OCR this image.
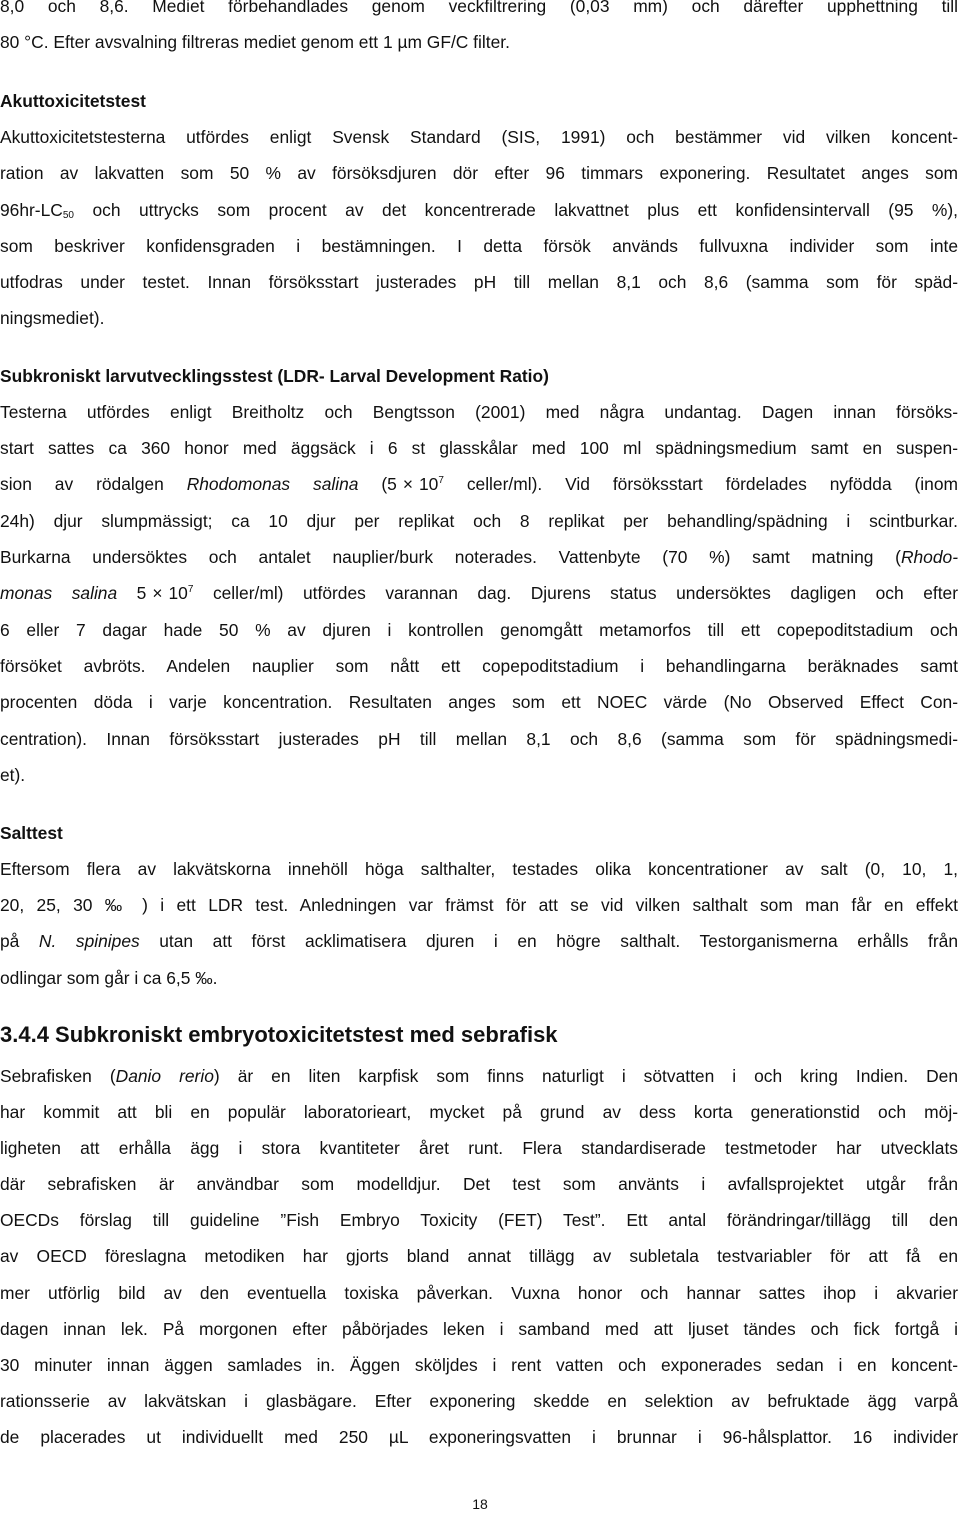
8,0 och 8,6. Mediet förbehandlades genom veckfiltrering (0,03 mm) och därefter upphettning till
80 °C. Efter avsvalning filtreras mediet genom ett 1 µm GF/C filter.
Akuttoxicitetstest
Akuttoxicitetstesterna utfördes enligt Svensk Standard (SIS, 1991) och bestämmer vid vilken koncent-
ration av lakvatten som 50 % av försöksdjuren dör efter 96 timmars exponering. Resultatet anges som
$96hr-LC_{50}$ och uttrycks som procent av det koncentrerade lakvattnet plus ett konfidensintervall (95 %),
som beskriver konfidensgraden i bestämningen. I detta försök används fullvuxna individer som inte
utfodras under testet. Innan försöksstart justerades pH till mellan 8,1 och 8,6 (samma som för späd-
ningsmediet).
Subkroniskt larvutvecklingsstest (LDR- Larval Development Ratio)
Testerna utfördes enligt Breitholtz och Bengtsson (2001) med några undantag. Dagen innan försöks-
start sattes ca 360 honor med äggsäck i 6 st glasskålar med 100 ml spädningsmedium samt en suspen-
sion av rödalgen Rhodomonas salina ($5 \times 10^7$ celler/ml). Vid försöksstart fördelades nyfödda (inom
24h) djur slumpmässigt; ca 10 djur per replikat och 8 replikat per behandling/spädning i scintburkar.
Burkarna undersöktes och antalet nauplier/burk noterades. Vattenbyte (70 %) samt matning (Rhodo-
monas salina $5 \times 10^7$ celler/ml) utfördes varannan dag. Djurens status undersöktes dagligen och efter
6 eller 7 dagar hade 50 % av djuren i kontrollen genomgått metamorfos till ett copepoditstadium och
försöket avbröts. Andelen nauplier som nått ett copepoditstadium i behandlingarna beräknades samt
procenten döda i varje koncentration. Resultaten anges som ett NOEC värde (No Observed Effect Con-
centration). Innan försöksstart justerades pH till mellan 8,1 och 8,6 (samma som för spädningsmedi-
et).
Salttest
Eftersom flera av lakvätskorna innehöll höga salthalter, testades olika koncentrationer av salt (0, 10, 1,
20, 25, 30 ‰ ) i ett LDR test. Anledningen var främst för att se vid vilken salthalt som man får en effekt
på N. spinipes utan att först acklimatisera djuren i en högre salthalt. Testorganismerna erhålls från
odlingar som går i ca 6,5 ‰.
3.4.4 Subkroniskt embryotoxicitetstest med sebrafisk
Sebrafisken (Danio rerio) är en liten karpfisk som finns naturligt i sötvatten i och kring Indien. Den
har kommit att bli en populär laboratorieart, mycket på grund av dess korta generationstid och möj-
ligheten att erhålla ägg i stora kvantiteter året runt. Flera standardiserade testmetoder har utvecklats
där sebrafisken är användbar som modelldjur. Det test som använts i avfallsprojektet utgår från
OECDs förslag till guideline ”Fish Embryo Toxicity (FET) Test”. Ett antal förändringar/tillägg till den
av OECD föreslagna metodiken har gjorts bland annat tillägg av subletala testvariabler för att få en
mer utförlig bild av den eventuella toxiska påverkan. Vuxna honor och hannar sattes ihop i akvarier
dagen innan lek. På morgonen efter påbörjades leken i samband med att ljuset tändes och fick fortgå i
30 minuter innan äggen samlades in. Äggen sköljdes i rent vatten och exponerades sedan i en koncent-
rationsserie av lakvätskan i glasbägare. Efter exponering skedde en selektion av befruktade ägg varpå
de placerades ut individuellt med 250 µL exponeringsvatten i brunnar i 96-hålsplattor. 16 individer
18
